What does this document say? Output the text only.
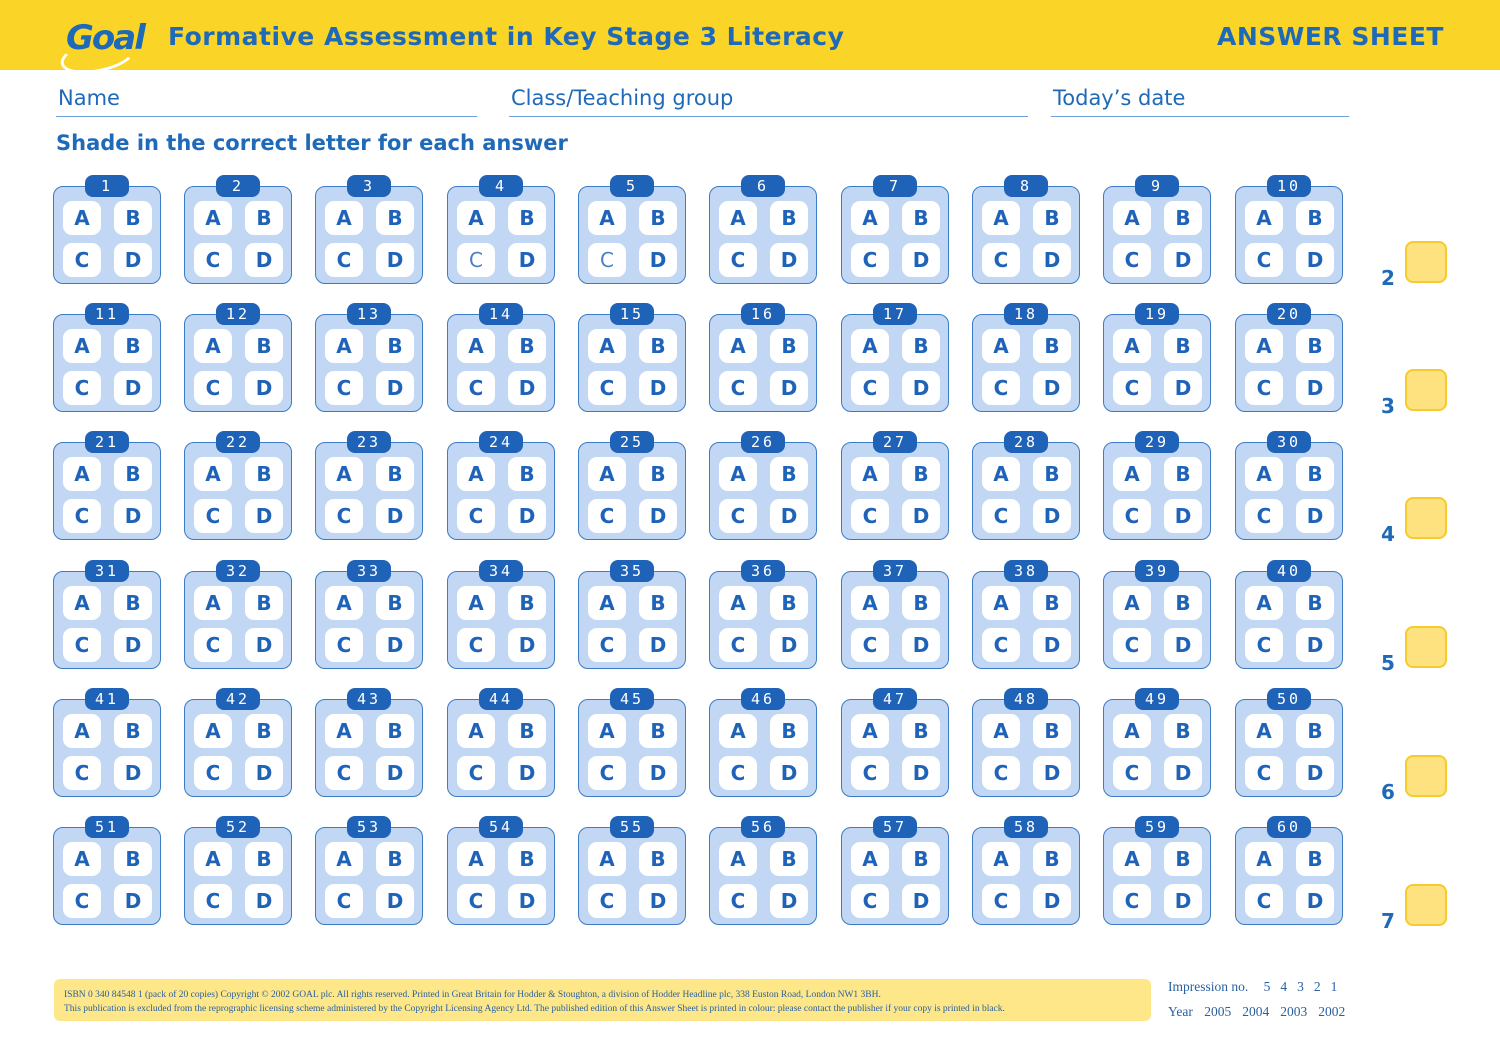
Goal Formative Assessment in Key Stage 3 Literacy	ANSWER SHEET
Name	Class/Teaching group	Today’s date
Shade in the correct letter for each answer
1
A	B
C	D
2
A	B
C	D
3
A	B
C	D
4
A	B
C	D
5
A	B
C	D
6
A	B
C	D
7
A	B
C	D
8
A	B
C	D
9
A	B
C	D
10
A	B
C	D
11
A	B
C	D
12
A	B
C	D
13
A	B
C	D
14
A	B
C	D
15
A	B
C	D
16
A	B
C	D
17
A	B
C	D
18
A	B
C	D
19
A	B
C	D
20
A	B
C	D
21
A	B
C	D
22
A	B
C	D
23
A	B
C	D
24
A	B
C	D
25
A	B
C	D
26
A	B
C	D
27
A	B
C	D
28
A	B
C	D
29
A	B
C	D
30
A	B
C	D
31
A	B
C	D
32
A	B
C	D
33
A	B
C	D
34
A	B
C	D
35
A	B
C	D
36
A	B
C	D
37
A	B
C	D
38
A	B
C	D
39
A	B
C	D
40
A	B
C	D
41
A	B
C	D
42
A	B
C	D
43
A	B
C	D
44
A	B
C	D
45
A	B
C	D
46
A	B
C	D
47
A	B
C	D
48
A	B
C	D
49
A	B
C	D
50
A	B
C	D
51
A	B
C	D
52
A	B
C	D
53
A	B
C	D
54
A	B
C	D
55
A	B
C	D
56
A	B
C	D
57
A	B
C	D
58
A	B
C	D
59
A	B
C	D
60
A	B
C	D
2
3
4
5
6
7
ISBN 0 340 84548 1 (pack of 20 copies) Copyright © 2002 GOAL plc. All rights reserved. Printed in Great Britain for Hodder & Stoughton, a division of Hodder Headline plc, 338 Euston Road, London NW1 3BH.
This publication is excluded from the reprographic licensing scheme administered by the Copyright Licensing Agency Ltd. The published edition of this Answer Sheet is printed in colour: please contact the publisher if your copy is printed in black.
Impression no. 5 4 3 2 1
Year 2005 2004 2003 2002
